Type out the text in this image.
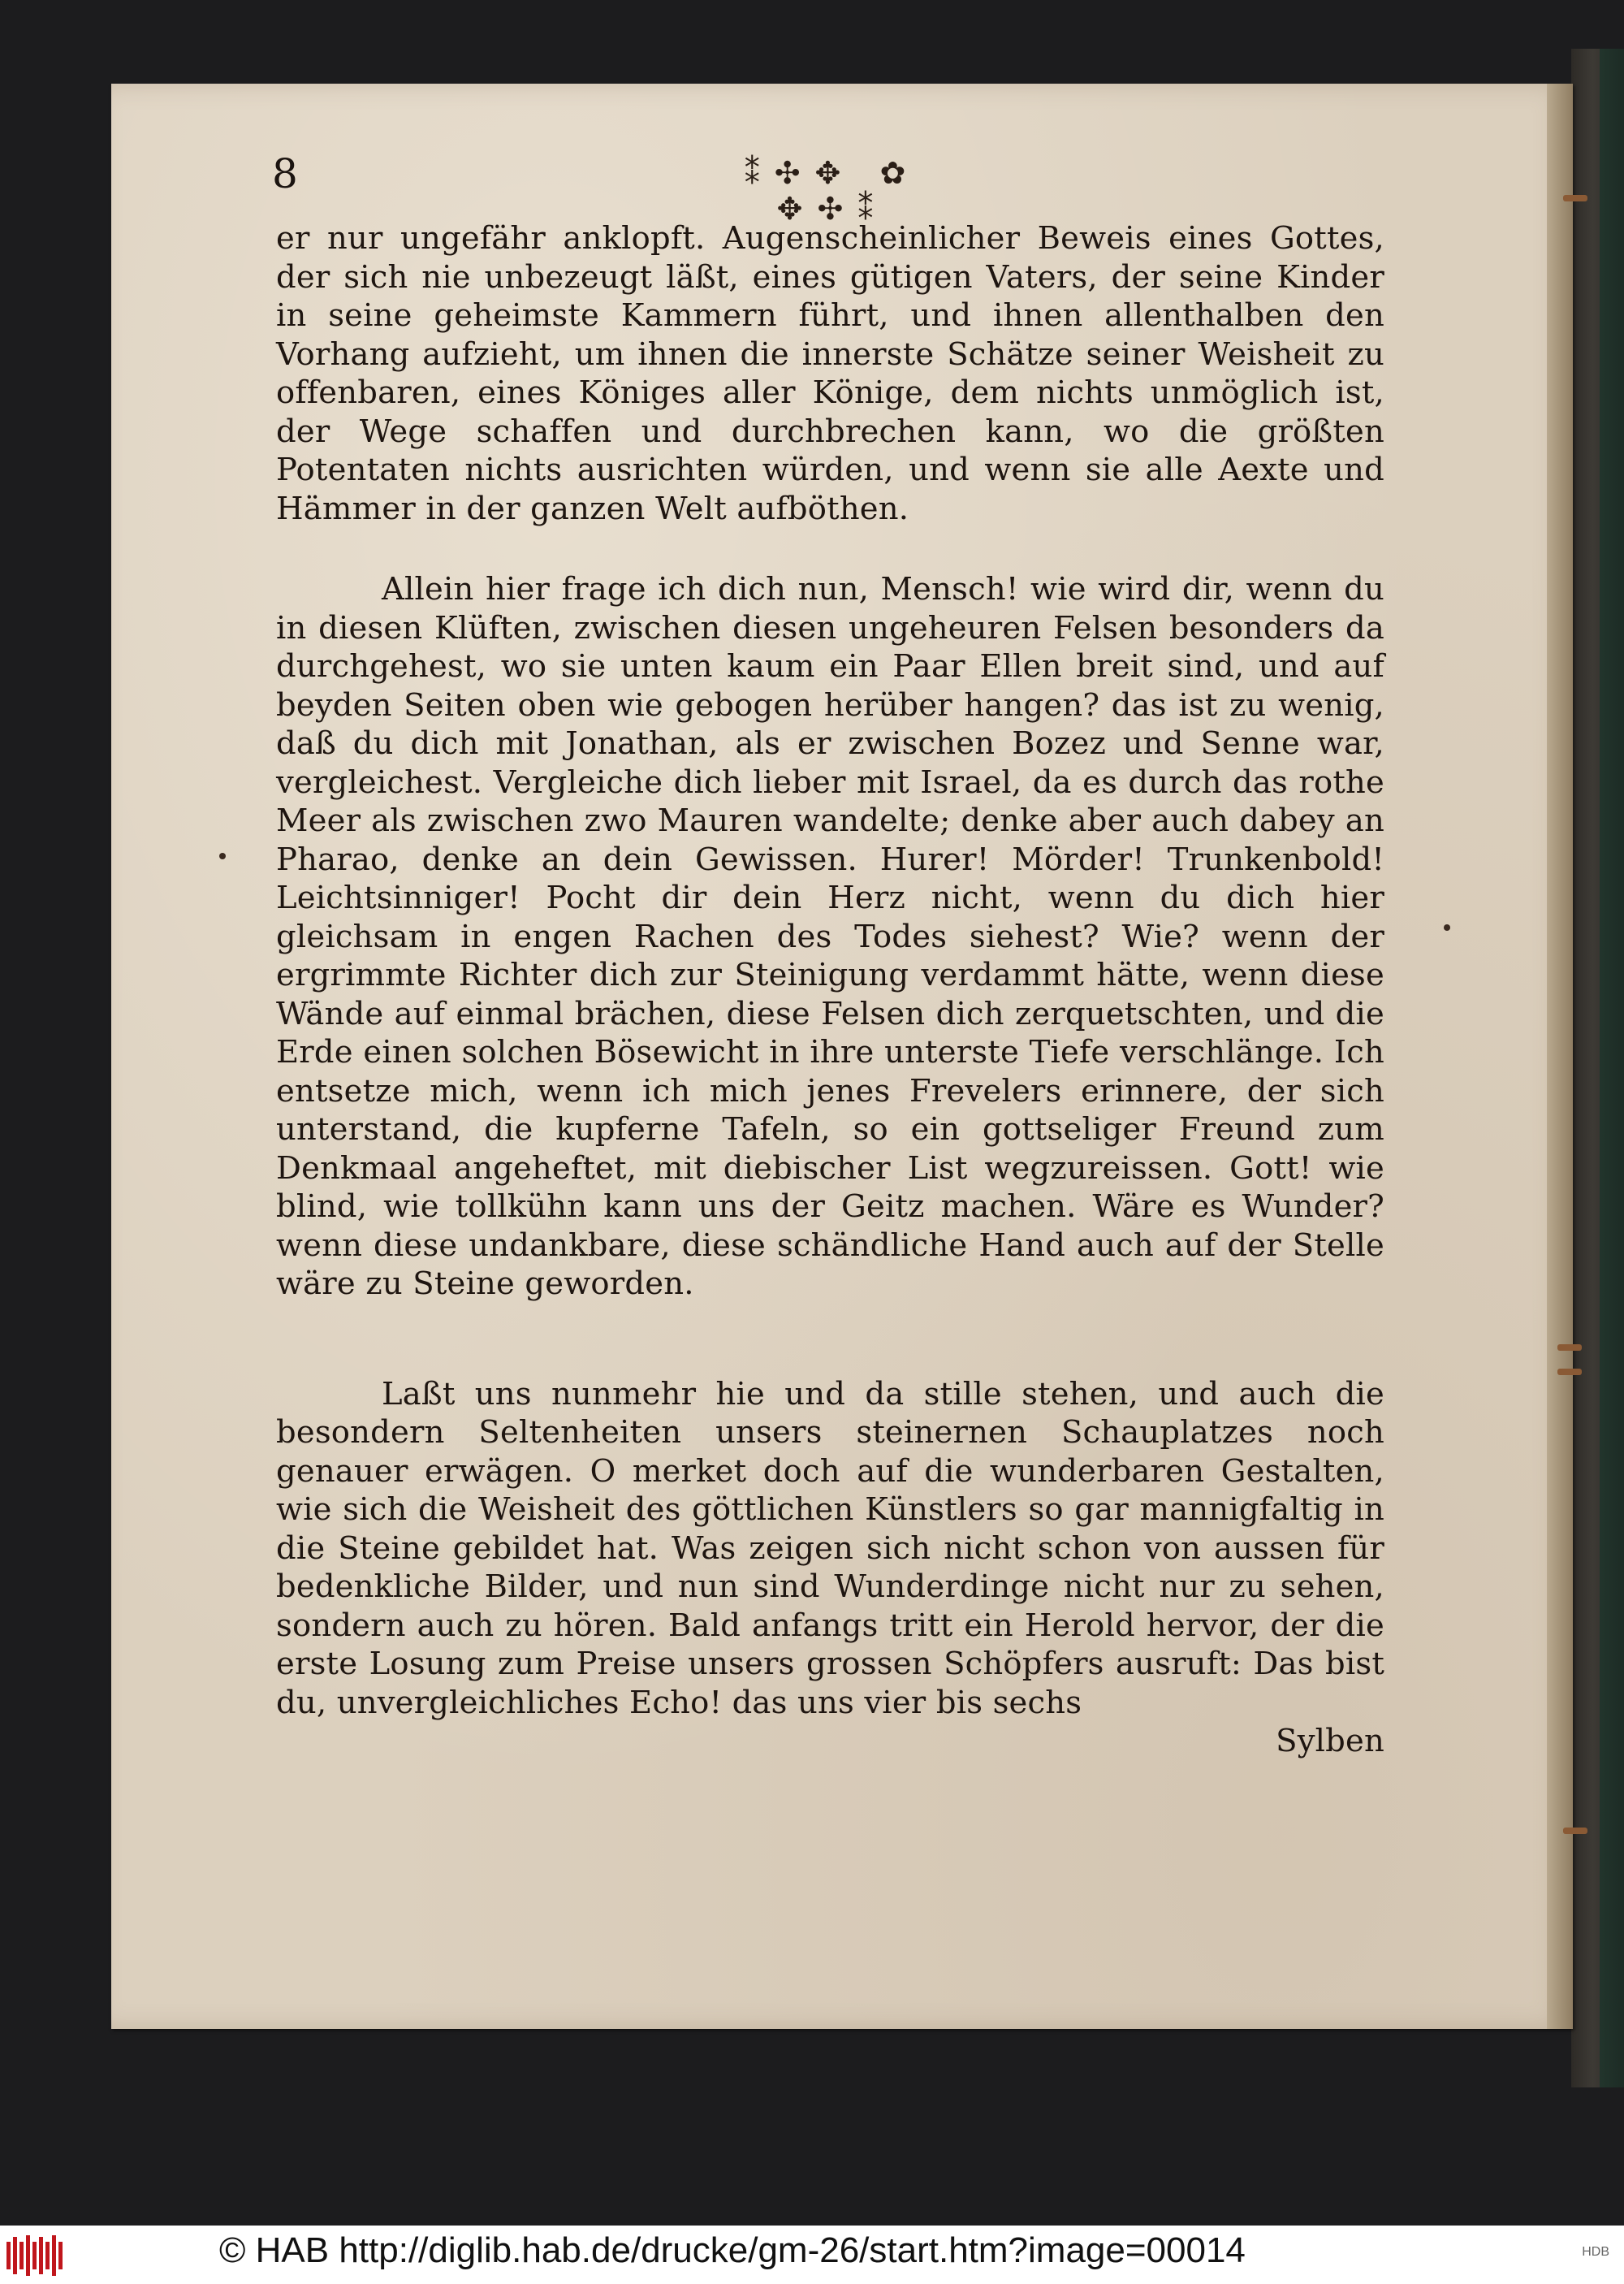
8	⁑✣✥ ✿ ✥✣⁑

er nur ungefähr anklopft. Augenscheinlicher Beweis eines Gottes, der sich nie unbezeugt läßt, eines gütigen Vaters, der seine Kinder in seine geheimste Kammern führt, und ihnen allenthalben den Vorhang aufzieht, um ihnen die innerste Schätze seiner Weisheit zu offenbaren, eines Königes aller Könige, dem nichts unmöglich ist, der Wege schaffen und durchbrechen kann, wo die größten Potentaten nichts ausrichten würden, und wenn sie alle Aexte und Hämmer in der ganzen Welt aufböthen.

Allein hier frage ich dich nun, Mensch! wie wird dir, wenn du in diesen Klüften, zwischen diesen ungeheuren Felsen besonders da durchgehest, wo sie unten kaum ein Paar Ellen breit sind, und auf beyden Seiten oben wie gebogen herüber hangen? das ist zu wenig, daß du dich mit Jonathan, als er zwischen Bozez und Senne war, vergleichest. Vergleiche dich lieber mit Israel, da es durch das rothe Meer als zwischen zwo Mauren wandelte; denke aber auch dabey an Pharao, denke an dein Gewissen. Hurer! Mörder! Trunkenbold! Leichtsinniger! Pocht dir dein Herz nicht, wenn du dich hier gleichsam in engen Rachen des Todes siehest? Wie? wenn der ergrimmte Richter dich zur Steinigung verdammt hätte, wenn diese Wände auf einmal brächen, diese Felsen dich zerquetschten, und die Erde einen solchen Bösewicht in ihre unterste Tiefe verschlänge. Ich entsetze mich, wenn ich mich jenes Frevelers erinnere, der sich unterstand, die kupferne Tafeln, so ein gottseliger Freund zum Denkmaal angeheftet, mit diebischer List wegzureissen. Gott! wie blind, wie tollkühn kann uns der Geitz machen. Wäre es Wunder? wenn diese undankbare, diese schändliche Hand auch auf der Stelle wäre zu Steine geworden.

Laßt uns nunmehr hie und da stille stehen, und auch die besondern Seltenheiten unsers steinernen Schauplatzes noch genauer erwägen. O merket doch auf die wunderbaren Gestalten, wie sich die Weisheit des göttlichen Künstlers so gar mannigfaltig in die Steine gebildet hat. Was zeigen sich nicht schon von aussen für bedenkliche Bilder, und nun sind Wunderdinge nicht nur zu sehen, sondern auch zu hören. Bald anfangs tritt ein Herold hervor, der die erste Losung zum Preise unsers grossen Schöpfers ausruft: Das bist du, unvergleichliches Echo! das uns vier bis sechs

Sylben
© HAB http://diglib.hab.de/drucke/gm-26/start.htm?image=00014	HDB
